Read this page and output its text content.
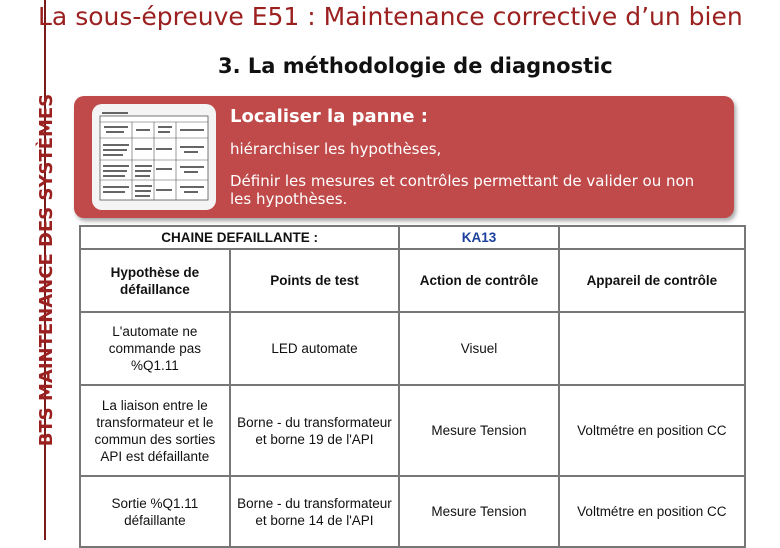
BTS MAINTENANCE DES SYSTÈMES
La sous-épreuve E51 : Maintenance corrective d’un bien
3. La méthodologie de diagnostic
Localiser la panne :
hiérarchiser les hypothèses,
Définir les mesures et contrôles permettant de valider ou non les hypothèses.
CHAINE DEFAILLANTE :		KA13	
Hypothèse de défaillance	Points de test	Action de contrôle	Appareil de contrôle
L'automate ne commande pas %Q1.11	LED automate	Visuel	
La liaison entre le transformateur et le commun des sorties API est défaillante	Borne - du transformateur et borne 19 de l'API	Mesure Tension	Voltmétre en position CC
Sortie %Q1.11 défaillante	Borne - du transformateur et borne 14 de l'API	Mesure Tension	Voltmétre en position CC
